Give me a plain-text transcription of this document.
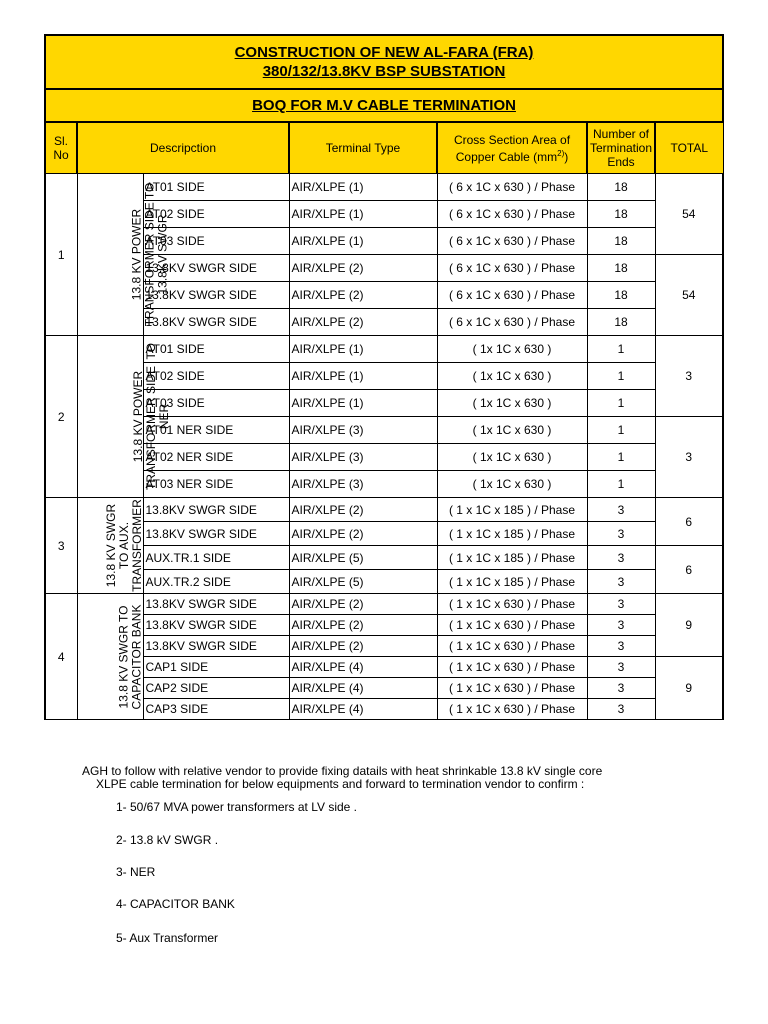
CONSTRUCTION OF NEW AL-FARA (FRA)
380/132/13.8KV BSP SUBSTATION						

BOQ FOR M.V CABLE TERMINATION						
Sl. No	Descripction		Terminal Type	Cross Section Area of Copper Cable $(mm^{2)})$	Number of Termination Ends	TOTAL
1	13.8 KV POWER
TRANSFORMER SIDE TO
13.8KV SWGR	AT01 SIDE	AIR/XLPE (1)	( 6 x 1C x 630 ) / Phase	18	54
		AT02 SIDE	AIR/XLPE (1)	( 6 x 1C x 630 ) / Phase	18	
		AT03 SIDE	AIR/XLPE (1)	( 6 x 1C x 630 ) / Phase	18	
		13.8KV SWGR SIDE	AIR/XLPE (2)	( 6 x 1C x 630 ) / Phase	18	54
		13.8KV SWGR SIDE	AIR/XLPE (2)	( 6 x 1C x 630 ) / Phase	18	
		13.8KV SWGR SIDE	AIR/XLPE (2)	( 6 x 1C x 630 ) / Phase	18	
2	13.8 KV POWER
TRANSFORMER SIDE  TO
NER	AT01 SIDE	AIR/XLPE (1)	( 1x 1C x 630 )	1	3
		AT02 SIDE	AIR/XLPE (1)	( 1x 1C x 630 )	1	
		AT03 SIDE	AIR/XLPE (1)	( 1x 1C x 630 )	1	
		AT01 NER SIDE	AIR/XLPE (3)	( 1x 1C x 630 )	1	3
		AT02 NER SIDE	AIR/XLPE (3)	( 1x 1C x 630 )	1	
		AT03 NER SIDE	AIR/XLPE (3)	( 1x 1C x 630 )	1	
3	13.8 KV SWGR
TO AUX.
TRANSFORMER	13.8KV SWGR SIDE	AIR/XLPE (2)	( 1 x 1C x 185 ) / Phase	3	6
		13.8KV SWGR SIDE	AIR/XLPE (2)	( 1 x 1C x 185 ) / Phase	3	
		AUX.TR.1 SIDE	AIR/XLPE (5)	( 1 x 1C x 185 ) / Phase	3	6
		AUX.TR.2 SIDE	AIR/XLPE (5)	( 1 x 1C x 185 ) / Phase	3	
4	13.8 KV SWGR TO
CAPACITOR BANK	13.8KV SWGR SIDE	AIR/XLPE (2)	( 1 x 1C x 630 ) / Phase	3	9
		13.8KV SWGR SIDE	AIR/XLPE (2)	( 1 x 1C x 630 ) / Phase	3	
		13.8KV SWGR SIDE	AIR/XLPE (2)	( 1 x 1C x 630 ) / Phase	3	
		CAP1 SIDE	AIR/XLPE (4)	( 1 x 1C x 630 ) / Phase	3	9
		CAP2 SIDE	AIR/XLPE (4)	( 1 x 1C x 630 ) / Phase	3	
		CAP3 SIDE	AIR/XLPE (4)	( 1 x 1C x 630 ) / Phase	3	

AGH to follow with relative vendor to provide fixing datails with heat shrinkable 13.8 kV single core
XLPE cable termination for below equipments and forward to termination vendor to confirm :

1- 50/67 MVA power transformers at LV side .
2- 13.8 kV SWGR .
3- NER
4- CAPACITOR BANK
5- Aux Transformer
